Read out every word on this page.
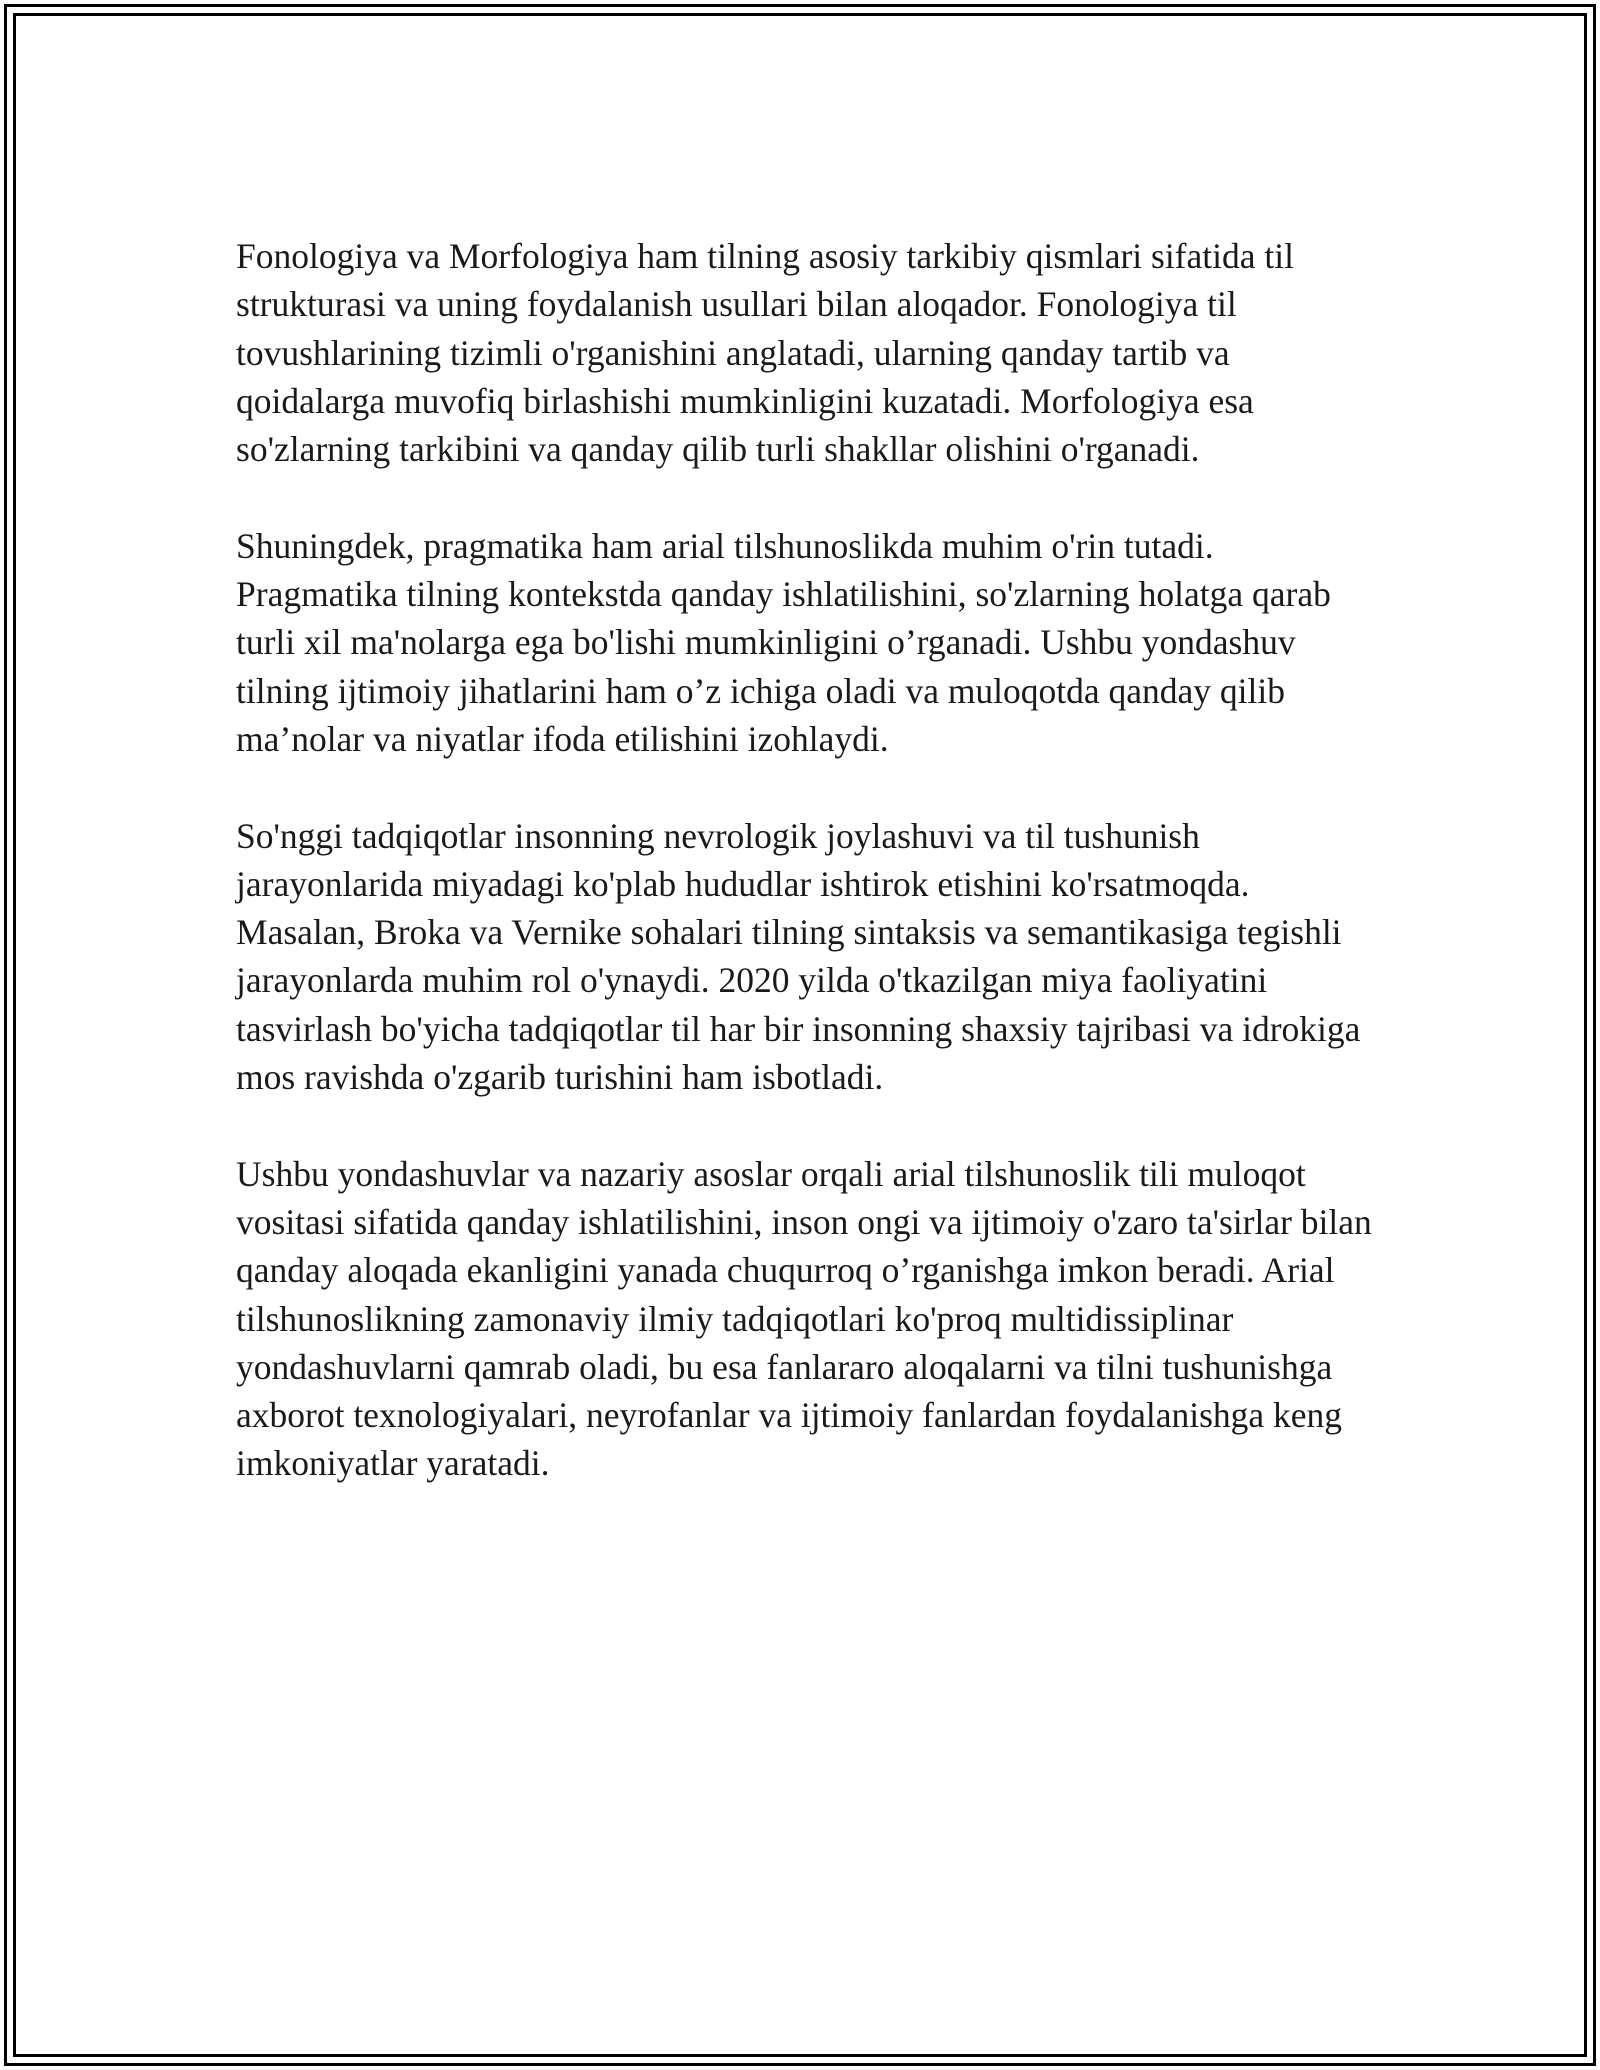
Fonologiya va Morfologiya ham tilning asosiy tarkibiy qismlari sifatida til strukturasi va uning foydalanish usullari bilan aloqador. Fonologiya til tovushlarining tizimli o'rganishini anglatadi, ularning qanday tartib va qoidalarga muvofiq birlashishi mumkinligini kuzatadi. Morfologiya esa so'zlarning tarkibini va qanday qilib turli shakllar olishini o'rganadi.

Shuningdek, pragmatika ham arial tilshunoslikda muhim o'rin tutadi. Pragmatika tilning kontekstda qanday ishlatilishini, so'zlarning holatga qarab turli xil ma'nolarga ega bo'lishi mumkinligini o’rganadi. Ushbu yondashuv tilning ijtimoiy jihatlarini ham o’z ichiga oladi va muloqotda qanday qilib ma’nolar va niyatlar ifoda etilishini izohlaydi.

So'nggi tadqiqotlar insonning nevrologik joylashuvi va til tushunish jarayonlarida miyadagi ko'plab hududlar ishtirok etishini ko'rsatmoqda. Masalan, Broka va Vernike sohalari tilning sintaksis va semantikasiga tegishli jarayonlarda muhim rol o'ynaydi. 2020 yilda o'tkazilgan miya faoliyatini tasvirlash bo'yicha tadqiqotlar til har bir insonning shaxsiy tajribasi va idrokiga mos ravishda o'zgarib turishini ham isbotladi.

Ushbu yondashuvlar va nazariy asoslar orqali arial tilshunoslik tili muloqot vositasi sifatida qanday ishlatilishini, inson ongi va ijtimoiy o'zaro ta'sirlar bilan qanday aloqada ekanligini yanada chuqurroq o’rganishga imkon beradi. Arial tilshunoslikning zamonaviy ilmiy tadqiqotlari ko'proq multidissiplinar yondashuvlarni qamrab oladi, bu esa fanlararo aloqalarni va tilni tushunishga axborot texnologiyalari, neyrofanlar va ijtimoiy fanlardan foydalanishga keng imkoniyatlar yaratadi.
